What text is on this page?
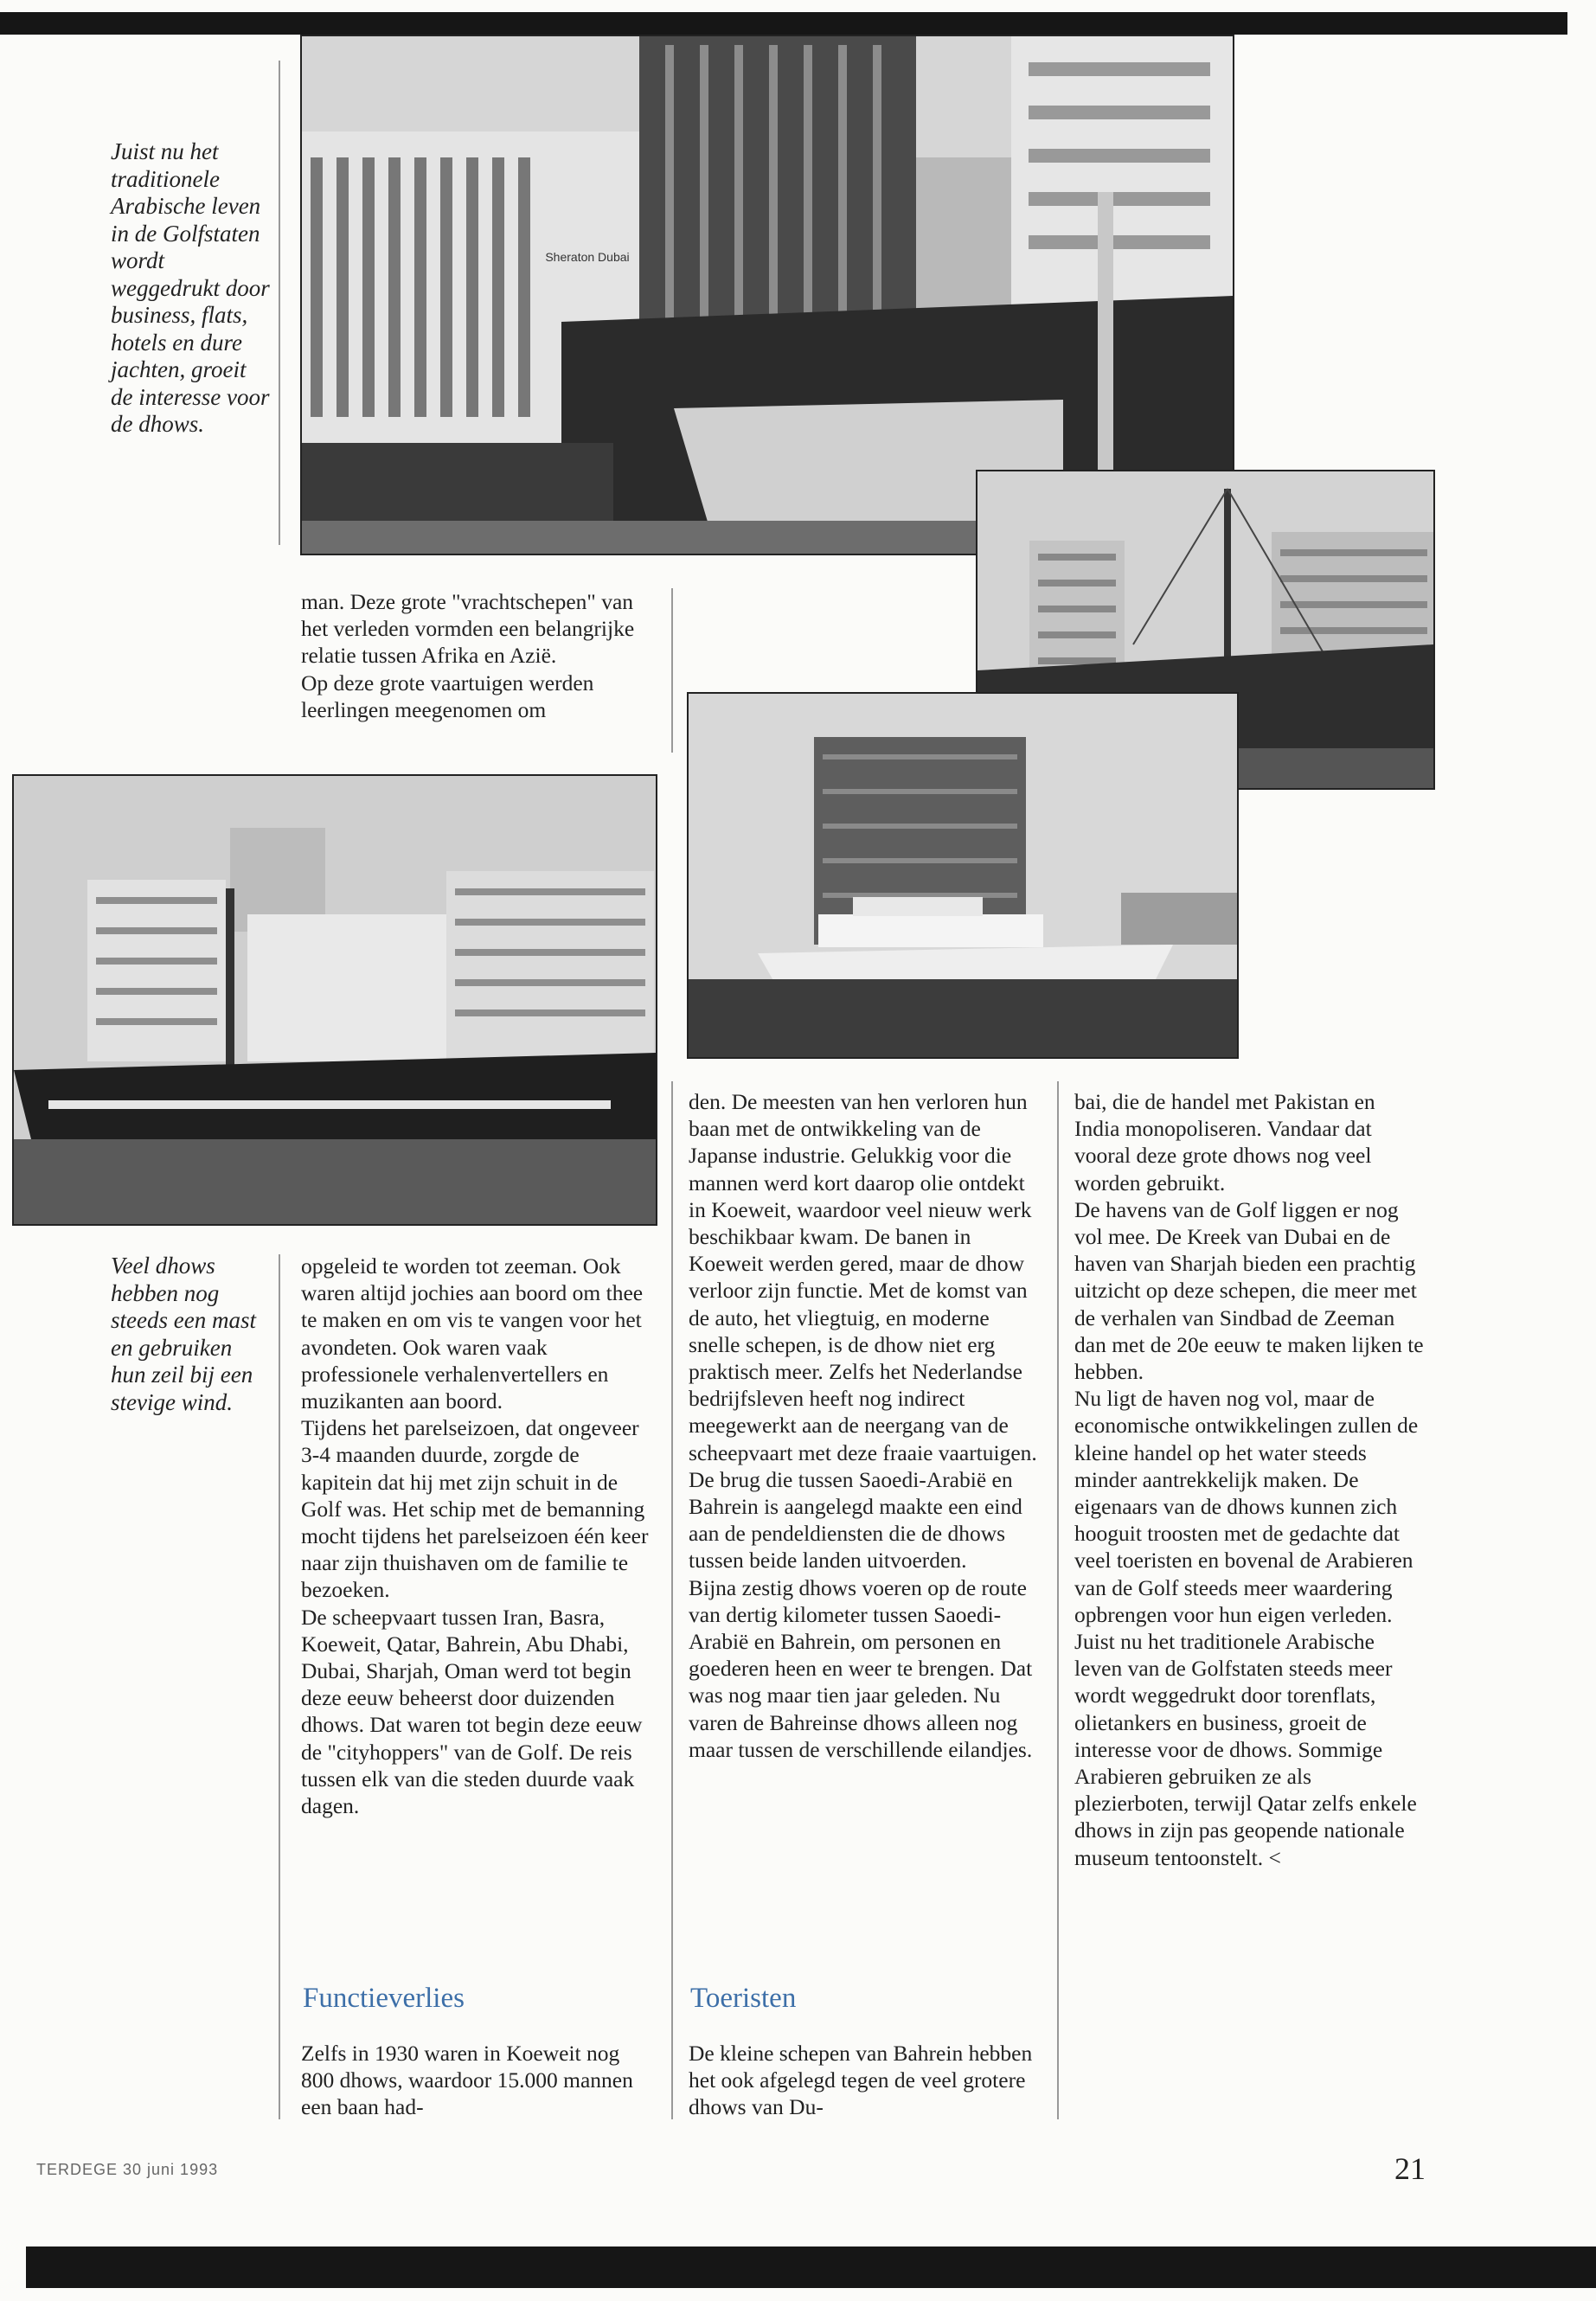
Juist nu het traditionele Arabische leven in de Golfstaten wordt weggedrukt door business, flats, hotels en dure jachten, groeit de interesse voor de dhows.
Veel dhows hebben nog steeds een mast en gebruiken hun zeil bij een stevige wind.
Sheraton Dubai

man. Deze grote "vrachtschepen" van het verleden vormden een belangrijke relatie tussen Afrika en Azië.

Op deze grote vaartuigen werden leerlingen meegenomen om

opgeleid te worden tot zeeman. Ook waren altijd jochies aan boord om thee te maken en om vis te vangen voor het avondeten. Ook waren vaak professionele verhalenvertellers en muzikanten aan boord.

Tijdens het parelseizoen, dat ongeveer 3-4 maanden duurde, zorgde de kapitein dat hij met zijn schuit in de Golf was. Het schip met de bemanning mocht tijdens het parelseizoen één keer naar zijn thuishaven om de familie te bezoeken.

De scheepvaart tussen Iran, Basra, Koeweit, Qatar, Bahrein, Abu Dhabi, Dubai, Sharjah, Oman werd tot begin deze eeuw beheerst door duizenden dhows. Dat waren tot begin deze eeuw de "cityhoppers" van de Golf. De reis tussen elk van die steden duurde vaak dagen.

Functieverlies

Zelfs in 1930 waren in Koeweit nog 800 dhows, waardoor 15.000 mannen een baan had-

den. De meesten van hen verloren hun baan met de ontwikkeling van de Japanse industrie. Gelukkig voor die mannen werd kort daarop olie ontdekt in Koeweit, waardoor veel nieuw werk beschikbaar kwam. De banen in Koeweit werden gered, maar de dhow verloor zijn functie. Met de komst van de auto, het vliegtuig, en moderne snelle schepen, is de dhow niet erg praktisch meer. Zelfs het Nederlandse bedrijfsleven heeft nog indirect meegewerkt aan de neergang van de scheepvaart met deze fraaie vaartuigen. De brug die tussen Saoedi-Arabië en Bahrein is aangelegd maakte een eind aan de pendeldiensten die de dhows tussen beide landen uitvoerden.

Bijna zestig dhows voeren op de route van dertig kilometer tussen Saoedi-Arabië en Bahrein, om personen en goederen heen en weer te brengen. Dat was nog maar tien jaar geleden. Nu varen de Bahreinse dhows alleen nog maar tussen de verschillende eilandjes.

Toeristen

De kleine schepen van Bahrein hebben het ook afgelegd tegen de veel grotere dhows van Du-

bai, die de handel met Pakistan en India monopoliseren. Vandaar dat vooral deze grote dhows nog veel worden gebruikt.

De havens van de Golf liggen er nog vol mee. De Kreek van Dubai en de haven van Sharjah bieden een prachtig uitzicht op deze schepen, die meer met de verhalen van Sindbad de Zeeman dan met de 20e eeuw te maken lijken te hebben.

Nu ligt de haven nog vol, maar de economische ontwikkelingen zullen de kleine handel op het water steeds minder aantrekkelijk maken. De eigenaars van de dhows kunnen zich hooguit troosten met de gedachte dat veel toeristen en bovenal de Arabieren van de Golf steeds meer waardering opbrengen voor hun eigen verleden.

Juist nu het traditionele Arabische leven van de Golfstaten steeds meer wordt weggedrukt door torenflats, olietankers en business, groeit de interesse voor de dhows. Sommige Arabieren gebruiken ze als plezierboten, terwijl Qatar zelfs enkele dhows in zijn pas geopende nationale museum tentoonstelt. <

TERDEGE 30 juni 1993	21
